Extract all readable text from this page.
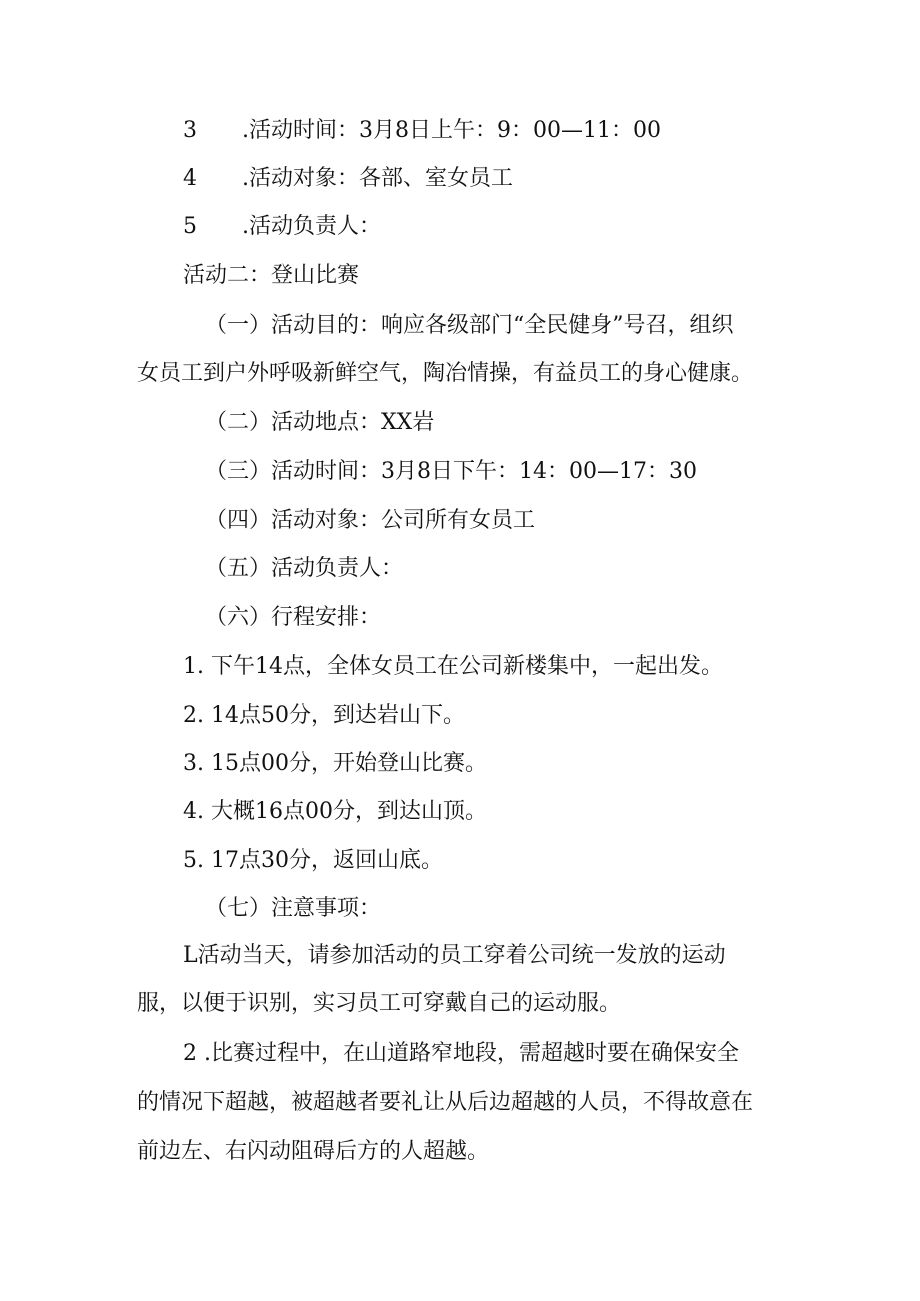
3 .活动时间：3月8日上午：9：00—11：00
4 .活动对象：各部、室女员工
5 .活动负责人：
活动二：登山比赛
（一）活动目的：响应各级部门“全民健身”号召，组织
女员工到户外呼吸新鲜空气，陶冶情操，有益员工的身心健康。
（二）活动地点：XX岩
（三）活动时间：3月8日下午：14：00—17：30
（四）活动对象：公司所有女员工
（五）活动负责人：
（六）行程安排：
1. 下午14点，全体女员工在公司新楼集中，一起出发。
2. 14点50分，到达岩山下。
3. 15点00分，开始登山比赛。
4. 大概16点00分，到达山顶。
5. 17点30分，返回山底。
（七）注意事项：
L活动当天，请参加活动的员工穿着公司统一发放的运动
服，以便于识别，实习员工可穿戴自己的运动服。
2 .比赛过程中，在山道路窄地段，需超越时要在确保安全
的情况下超越，被超越者要礼让从后边超越的人员，不得故意在
前边左、右闪动阻碍后方的人超越。
